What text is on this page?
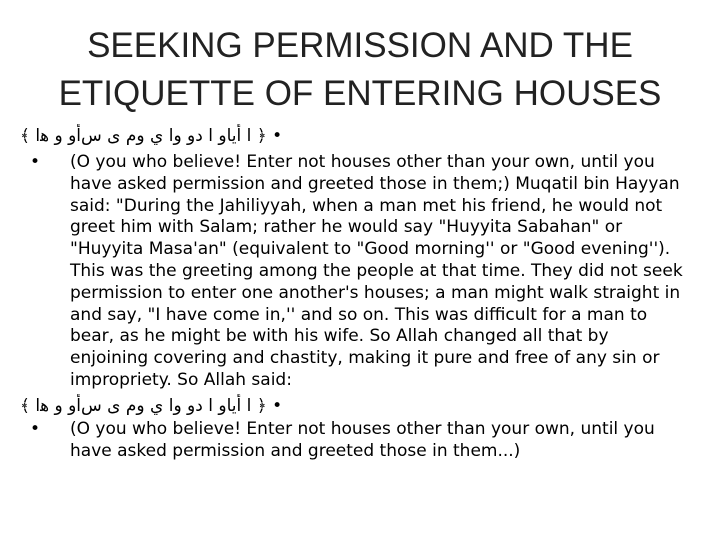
SEEKING PERMISSION AND THE
ETIQUETTE OF ENTERING HOUSES
• ﴿ ﺍ ﺃﻳﺎﻭ ﺍ ﺩﻭ ﻭﺍ ﻱ ﻭﻡ ﻯ ﺱﺃﻭ ﻭ ﻫﺍ ﴾
•	(O you who believe! Enter not houses other than your own, until you have asked permission and greeted those in them;) Muqatil bin Hayyan said: "During the Jahiliyyah, when a man met his friend, he would not greet him with Salam; rather he would say "Huyyita Sabahan" or "Huyyita Masa'an" (equivalent to "Good morning'' or "Good evening''). This was the greeting among the people at that time. They did not seek permission to enter one another's houses; a man might walk straight in and say, "I have come in,'' and so on. This was difficult for a man to bear, as he might be with his wife. So Allah changed all that by enjoining covering and chastity, making it pure and free of any sin or impropriety. So Allah said:
• ﴿ ﺍ ﺃﻳﺎﻭ ﺍ ﺩﻭ ﻭﺍ ﻱ ﻭﻡ ﻯ ﺱﺃﻭ ﻭ ﻫﺍ ﴾
•	(O you who believe! Enter not houses other than your own, until you have asked permission and greeted those in them...)
